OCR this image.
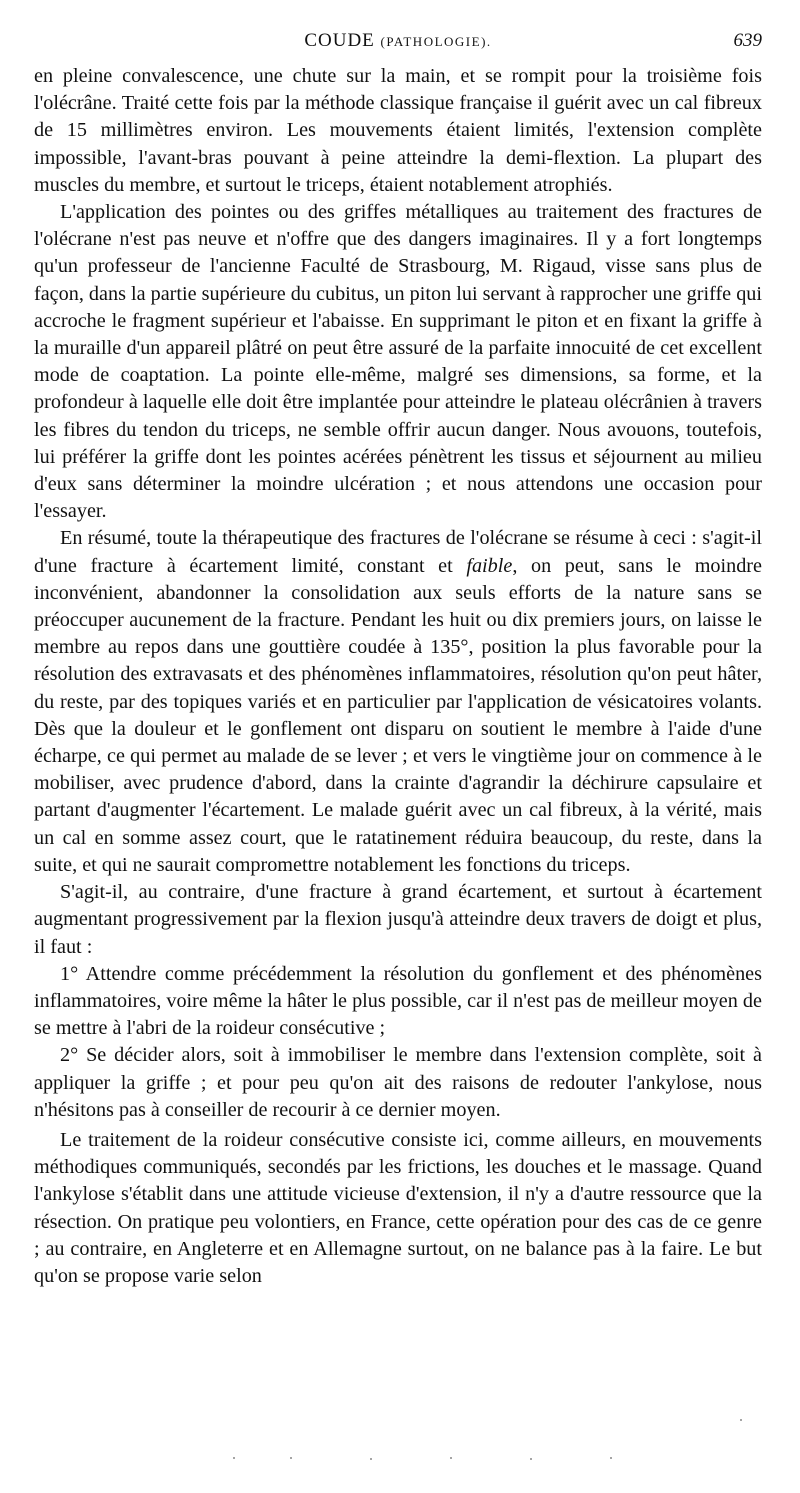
COUDE (PATHOLOGIE).	639

en pleine convalescence, une chute sur la main, et se rompit pour la troisième fois l'olécrâne. Traité cette fois par la méthode classique française il guérit avec un cal fibreux de 15 millimètres environ. Les mouvements étaient limités, l'extension complète impossible, l'avant-bras pouvant à peine atteindre la demi-flextion. La plupart des muscles du membre, et surtout le triceps, étaient notablement atrophiés.

L'application des pointes ou des griffes métalliques au traitement des fractures de l'olécrane n'est pas neuve et n'offre que des dangers imaginaires. Il y a fort longtemps qu'un professeur de l'ancienne Faculté de Strasbourg, M. Rigaud, visse sans plus de façon, dans la partie supérieure du cubitus, un piton lui servant à rapprocher une griffe qui accroche le fragment supérieur et l'abaisse. En supprimant le piton et en fixant la griffe à la muraille d'un appareil plâtré on peut être assuré de la parfaite innocuité de cet excellent mode de coaptation. La pointe elle-même, malgré ses dimensions, sa forme, et la profondeur à laquelle elle doit être implantée pour atteindre le plateau olécrânien à travers les fibres du tendon du triceps, ne semble offrir aucun danger. Nous avouons, toutefois, lui préférer la griffe dont les pointes acérées pénètrent les tissus et séjournent au milieu d'eux sans déterminer la moindre ulcération ; et nous attendons une occasion pour l'essayer.

En résumé, toute la thérapeutique des fractures de l'olécrane se résume à ceci : s'agit-il d'une fracture à écartement limité, constant et faible, on peut, sans le moindre inconvénient, abandonner la consolidation aux seuls efforts de la nature sans se préoccuper aucunement de la fracture. Pendant les huit ou dix premiers jours, on laisse le membre au repos dans une gouttière coudée à 135°, position la plus favorable pour la résolution des extravasats et des phénomènes inflammatoires, résolution qu'on peut hâter, du reste, par des topiques variés et en particulier par l'application de vésicatoires volants. Dès que la douleur et le gonflement ont disparu on soutient le membre à l'aide d'une écharpe, ce qui permet au malade de se lever ; et vers le vingtième jour on commence à le mobiliser, avec prudence d'abord, dans la crainte d'agrandir la déchirure capsulaire et partant d'augmenter l'écartement. Le malade guérit avec un cal fibreux, à la vérité, mais un cal en somme assez court, que le ratatinement réduira beaucoup, du reste, dans la suite, et qui ne saurait compromettre notablement les fonctions du triceps.

S'agit-il, au contraire, d'une fracture à grand écartement, et surtout à écartement augmentant progressivement par la flexion jusqu'à atteindre deux travers de doigt et plus, il faut :

1° Attendre comme précédemment la résolution du gonflement et des phénomènes inflammatoires, voire même la hâter le plus possible, car il n'est pas de meilleur moyen de se mettre à l'abri de la roideur consécutive ;

2° Se décider alors, soit à immobiliser le membre dans l'extension complète, soit à appliquer la griffe ; et pour peu qu'on ait des raisons de redouter l'ankylose, nous n'hésitons pas à conseiller de recourir à ce dernier moyen.

Le traitement de la roideur consécutive consiste ici, comme ailleurs, en mouvements méthodiques communiqués, secondés par les frictions, les douches et le massage. Quand l'ankylose s'établit dans une attitude vicieuse d'extension, il n'y a d'autre ressource que la résection. On pratique peu volontiers, en France, cette opération pour des cas de ce genre ; au contraire, en Angleterre et en Allemagne surtout, on ne balance pas à la faire. Le but qu'on se propose varie selon
